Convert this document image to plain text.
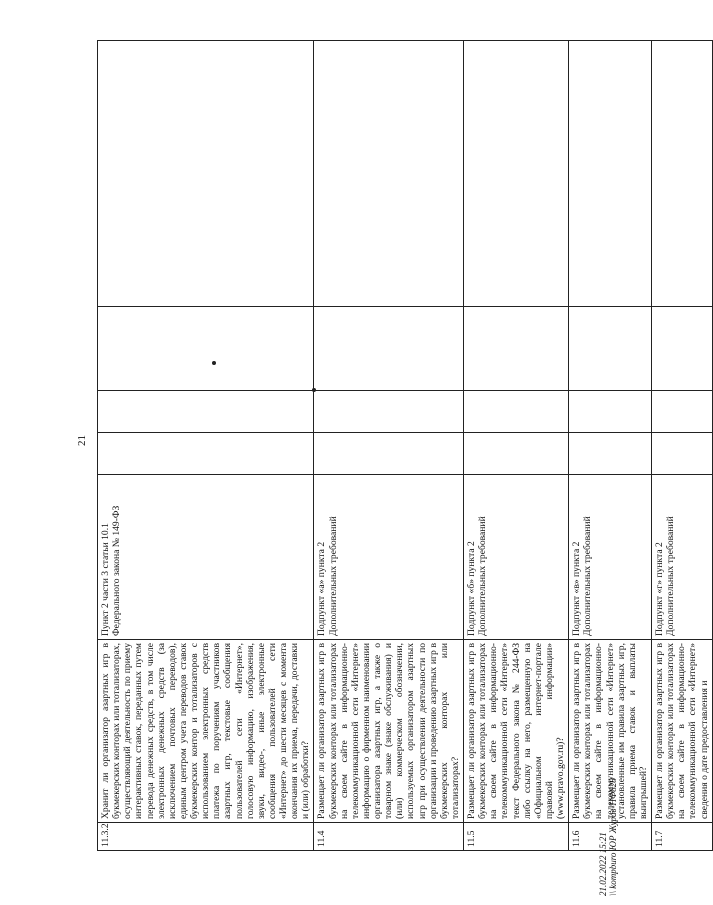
21
11.3.2	Хранит ли организатор азартных игр в букмекерских конторах или тотализаторах, осуществляющий деятельность по приему интерактивных ставок, переданных путем перевода денежных средств, в том числе электронных денежных средств (за исключением почтовых переводов), единым центром учета переводов ставок букмекерских контор и тотализаторов с использованием электронных средств платежа по поручениям участников азартных игр, текстовые сообщения пользователей сети «Интернет», голосовую информацию, изображения, звуки, видео-, иные электронные сообщения пользователей сети «Интернет» до шести месяцев с момента окончания их приема, передачи, доставки и (или) обработки?	Пункт 2 части 3 статьи 10.1 Федерального закона № 149-ФЗ				
11.4	Размещает ли организатор азартных игр в букмекерских конторах или тотализаторах на своем сайте в информационно-телекоммуникационной сети «Интернет» информацию о фирменном наименовании организатора азартных игр, а также о товарном знаке (знаке обслуживания) и (или) коммерческом обозначении, используемых организатором азартных игр при осуществлении деятельности по организации и проведению азартных игр в букмекерских конторах или тотализаторах?	Подпункт «а» пункта 2 Дополнительных требований				
11.5	Размещает ли организатор азартных игр в букмекерских конторах или тотализаторах на своем сайте в информационно-телекоммуникационной сети «Интернет» текст Федерального закона № 244-ФЗ либо ссылку на него, размещенную на «Официальном интернет-портале правовой информации» (www.pravo.gov.ru)?	Подпункт «б» пункта 2 Дополнительных требований				
11.6	Размещает ли организатор азартных игр в букмекерских конторах или тотализаторах на своем сайте в информационно-телекоммуникационной сети «Интернет» установленные им правила азартных игр, правила приема ставок и выплаты выигрышей?	Подпункт «в» пункта 2 Дополнительных требований				
11.7	Размещает ли организатор азартных игр в букмекерских конторах или тотализаторах на своем сайте в информационно-телекоммуникационной сети «Интернет» сведения о дате предоставления и	Подпункт «г» пункта 2 Дополнительных требований				
21.02.2022 15:21 \\ kompburo ЮР Журав-НФ828
